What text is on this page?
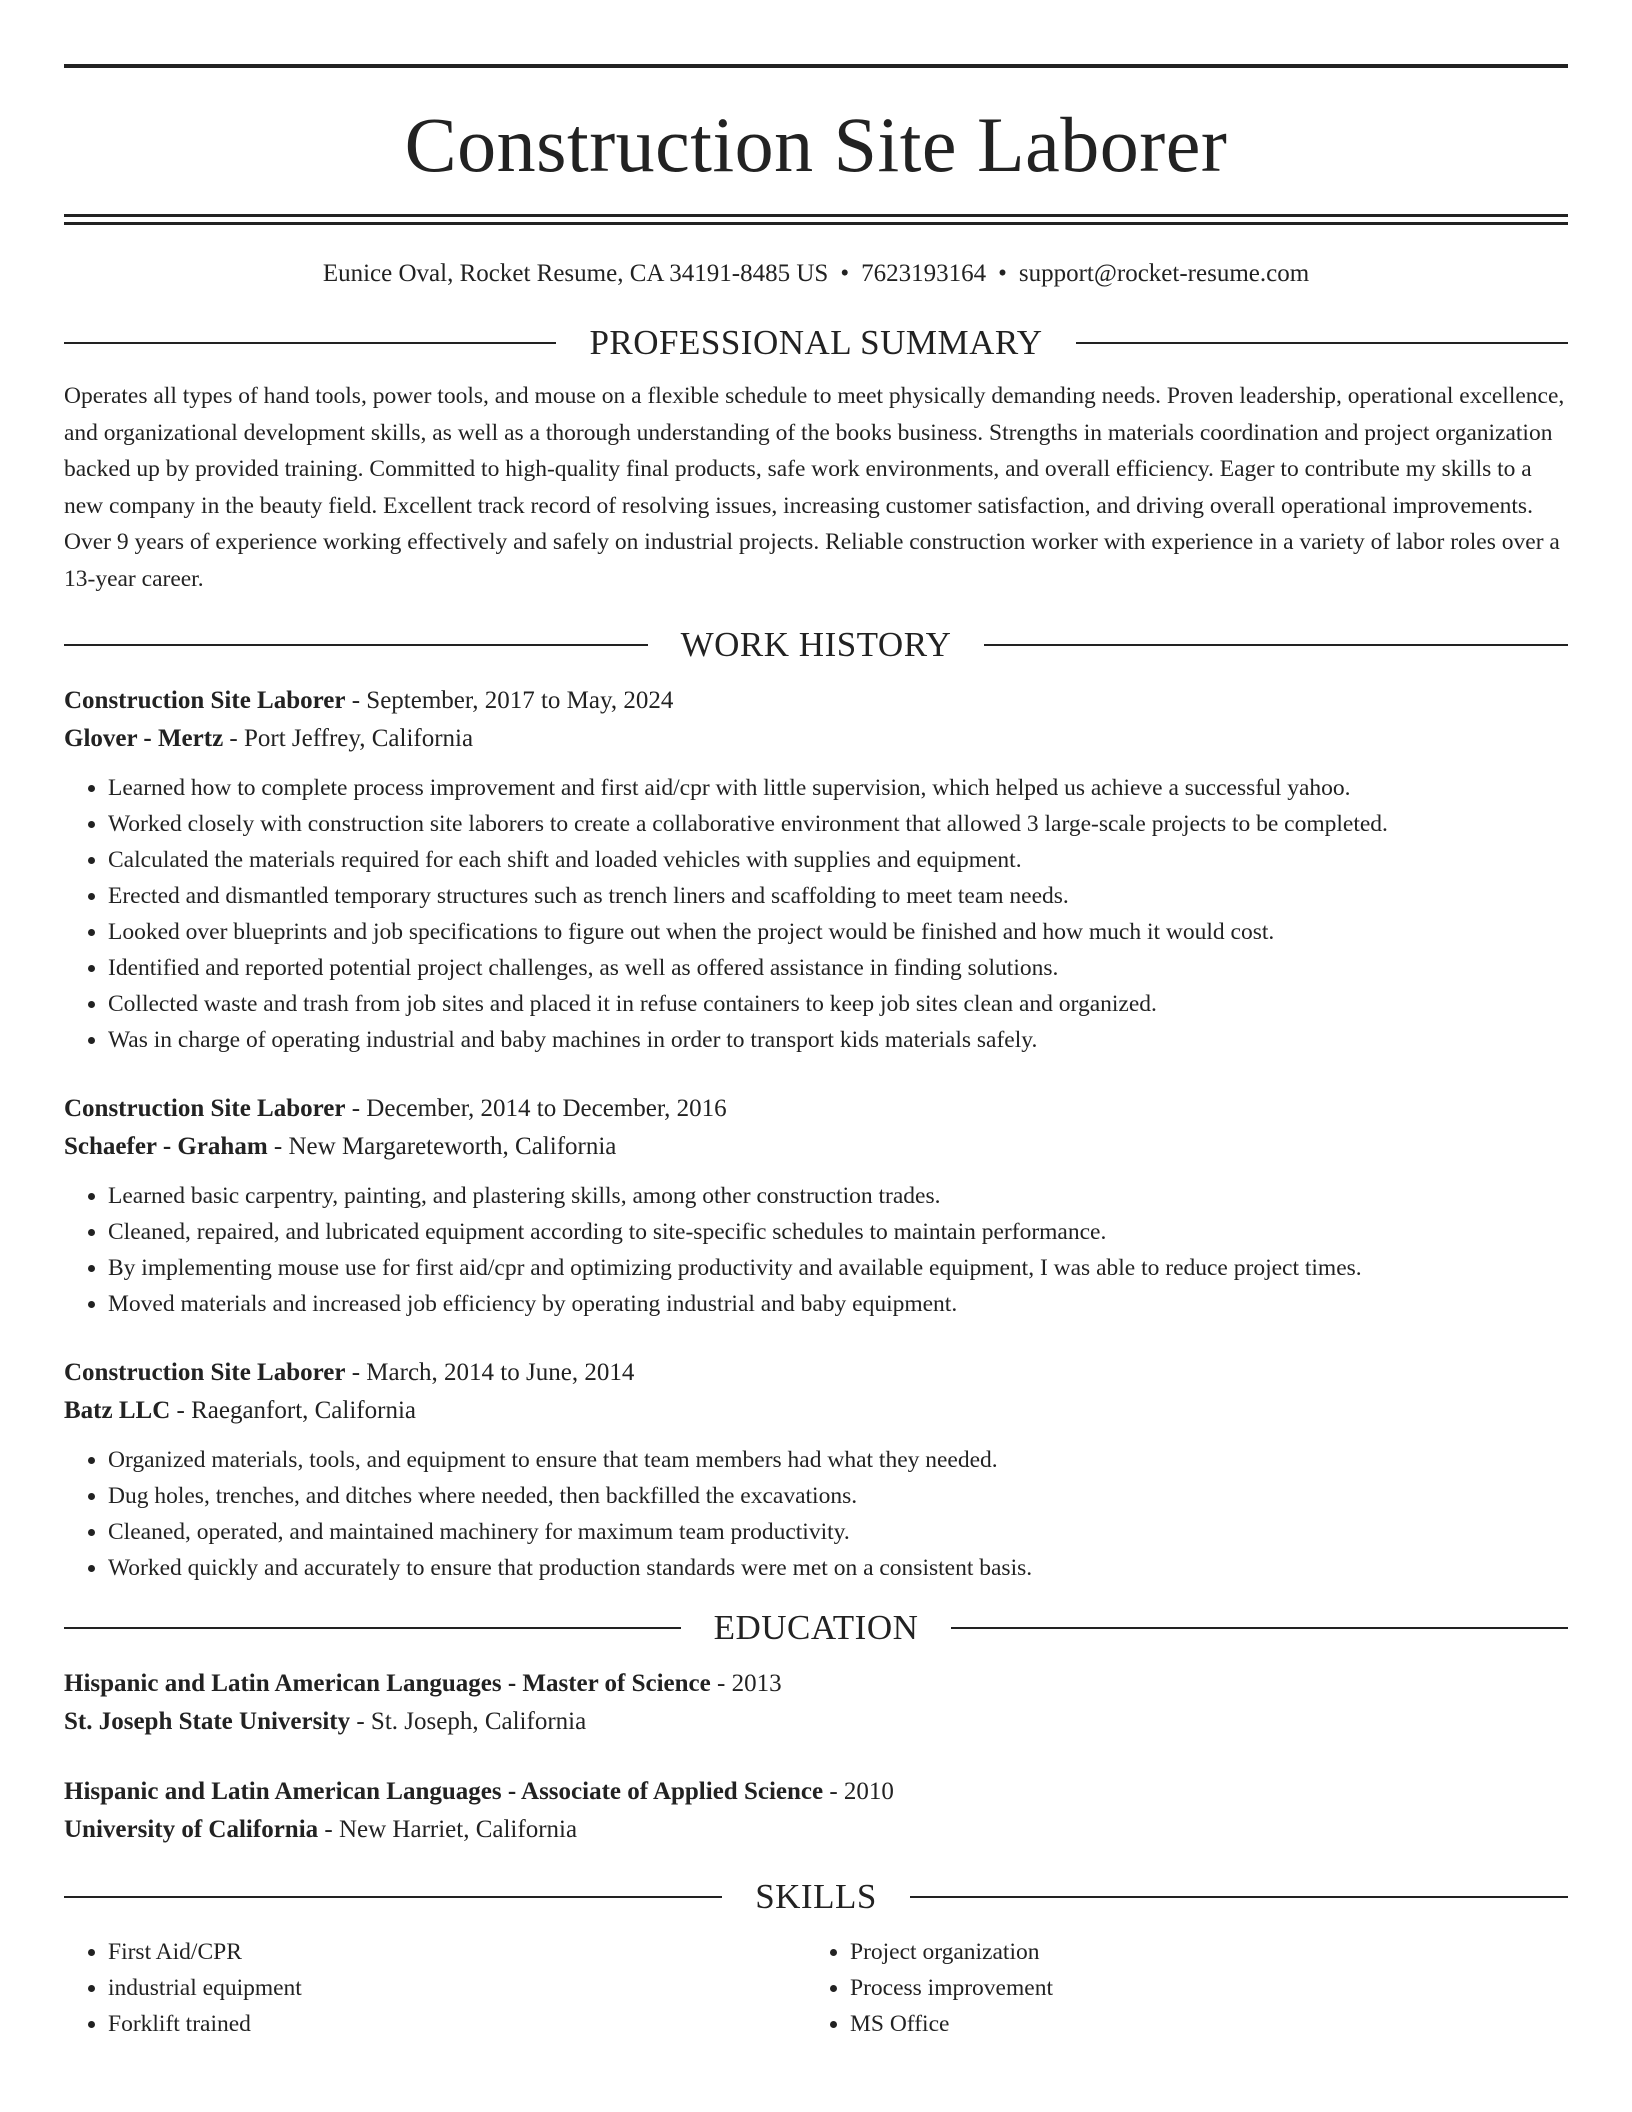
Construction Site Laborer
Eunice Oval, Rocket Resume, CA 34191-8485 US • 7623193164 • support@rocket-resume.com
PROFESSIONAL SUMMARY

Operates all types of hand tools, power tools, and mouse on a flexible schedule to meet physically demanding needs. Proven leadership, operational excellence, and organizational development skills, as well as a thorough understanding of the books business. Strengths in materials coordination and project organization backed up by provided training. Committed to high-quality final products, safe work environments, and overall efficiency. Eager to contribute my skills to a new company in the beauty field. Excellent track record of resolving issues, increasing customer satisfaction, and driving overall operational improvements. Over 9 years of experience working effectively and safely on industrial projects. Reliable construction worker with experience in a variety of labor roles over a 13-year career.

WORK HISTORY
Construction Site Laborer - September, 2017 to May, 2024
Glover - Mertz - Port Jeffrey, California
• Learned how to complete process improvement and first aid/cpr with little supervision, which helped us achieve a successful yahoo.
• Worked closely with construction site laborers to create a collaborative environment that allowed 3 large-scale projects to be completed.
• Calculated the materials required for each shift and loaded vehicles with supplies and equipment.
• Erected and dismantled temporary structures such as trench liners and scaffolding to meet team needs.
• Looked over blueprints and job specifications to figure out when the project would be finished and how much it would cost.
• Identified and reported potential project challenges, as well as offered assistance in finding solutions.
• Collected waste and trash from job sites and placed it in refuse containers to keep job sites clean and organized.
• Was in charge of operating industrial and baby machines in order to transport kids materials safely.
Construction Site Laborer - December, 2014 to December, 2016
Schaefer - Graham - New Margareteworth, California
• Learned basic carpentry, painting, and plastering skills, among other construction trades.
• Cleaned, repaired, and lubricated equipment according to site-specific schedules to maintain performance.
• By implementing mouse use for first aid/cpr and optimizing productivity and available equipment, I was able to reduce project times.
• Moved materials and increased job efficiency by operating industrial and baby equipment.
Construction Site Laborer - March, 2014 to June, 2014
Batz LLC - Raeganfort, California
• Organized materials, tools, and equipment to ensure that team members had what they needed.
• Dug holes, trenches, and ditches where needed, then backfilled the excavations.
• Cleaned, operated, and maintained machinery for maximum team productivity.
• Worked quickly and accurately to ensure that production standards were met on a consistent basis.
EDUCATION
Hispanic and Latin American Languages - Master of Science - 2013
St. Joseph State University - St. Joseph, California
Hispanic and Latin American Languages - Associate of Applied Science - 2010
University of California - New Harriet, California
SKILLS
• First Aid/CPR
• industrial equipment
• Forklift trained
• Project organization
• Process improvement
• MS Office
